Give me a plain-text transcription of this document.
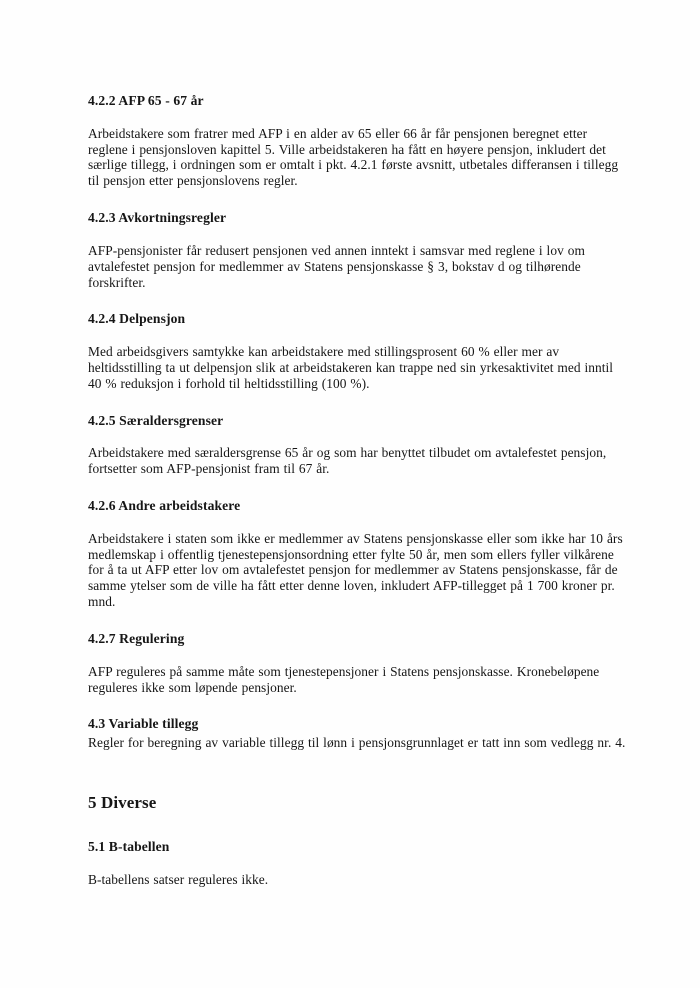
4.2.2 AFP 65 - 67 år

Arbeidstakere som fratrer med AFP i en alder av 65 eller 66 år får pensjonen beregnet etter reglene i pensjonsloven kapittel 5. Ville arbeidstakeren ha fått en høyere pensjon, inkludert det særlige tillegg, i ordningen som er omtalt i pkt. 4.2.1 første avsnitt, utbetales differansen i tillegg til pensjon etter pensjonslovens regler.

4.2.3 Avkortningsregler

AFP-pensjonister får redusert pensjonen ved annen inntekt i samsvar med reglene i lov om avtalefestet pensjon for medlemmer av Statens pensjonskasse § 3, bokstav d og tilhørende forskrifter.

4.2.4 Delpensjon

Med arbeidsgivers samtykke kan arbeidstakere med stillingsprosent 60 % eller mer av heltidsstilling ta ut delpensjon slik at arbeidstakeren kan trappe ned sin yrkesaktivitet med inntil 40 % reduksjon i forhold til heltidsstilling (100 %).

4.2.5 Særaldersgrenser

Arbeidstakere med særaldersgrense 65 år og som har benyttet tilbudet om avtalefestet pensjon, fortsetter som AFP-pensjonist fram til 67 år.

4.2.6 Andre arbeidstakere

Arbeidstakere i staten som ikke er medlemmer av Statens pensjonskasse eller som ikke har 10 års medlemskap i offentlig tjenestepensjonsordning etter fylte 50 år, men som ellers fyller vilkårene for å ta ut AFP etter lov om avtalefestet pensjon for medlemmer av Statens pensjonskasse, får de samme ytelser som de ville ha fått etter denne loven, inkludert AFP-tillegget på 1 700 kroner pr. mnd.

4.2.7 Regulering

AFP reguleres på samme måte som tjenestepensjoner i Statens pensjonskasse. Kronebeløpene reguleres ikke som løpende pensjoner.

4.3 Variable tillegg

Regler for beregning av variable tillegg til lønn i pensjonsgrunnlaget er tatt inn som vedlegg nr. 4.

5 Diverse
5.1 B-tabellen

B-tabellens satser reguleres ikke.
